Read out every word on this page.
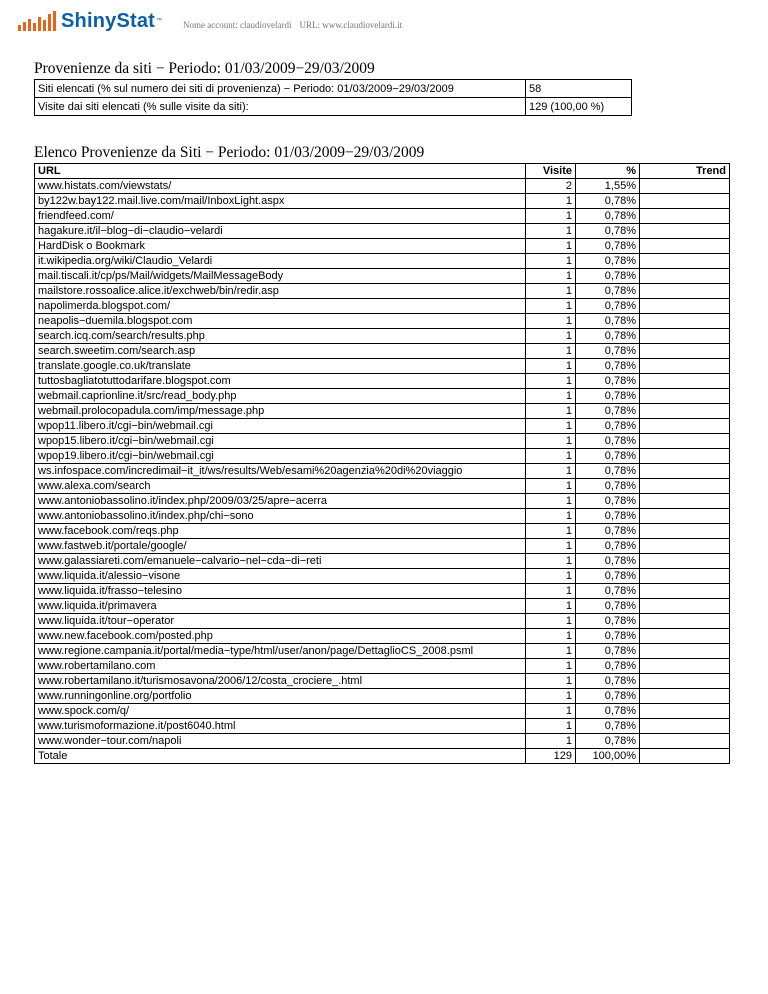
ShinyStat ™ Nome account: claudiovelardi URL: www.claudiovelardi.it
Provenienze da siti − Periodo: 01/03/2009−29/03/2009
Siti elencati (% sul numero dei siti di provenienza) − Periodo: 01/03/2009−29/03/2009	58
Visite dai siti elencati (% sulle visite da siti):	129 (100,00 %)
Elenco Provenienze da Siti − Periodo: 01/03/2009−29/03/2009
URL	Visite	%	Trend
www.histats.com/viewstats/	2	1,55%	
by122w.bay122.mail.live.com/mail/InboxLight.aspx	1	0,78%	
friendfeed.com/	1	0,78%	
hagakure.it/il−blog−di−claudio−velardi	1	0,78%	
HardDisk o Bookmark	1	0,78%	
it.wikipedia.org/wiki/Claudio_Velardi	1	0,78%	
mail.tiscali.it/cp/ps/Mail/widgets/MailMessageBody	1	0,78%	
mailstore.rossoalice.alice.it/exchweb/bin/redir.asp	1	0,78%	
napolimerda.blogspot.com/	1	0,78%	
neapolis−duemila.blogspot.com	1	0,78%	
search.icq.com/search/results.php	1	0,78%	
search.sweetim.com/search.asp	1	0,78%	
translate.google.co.uk/translate	1	0,78%	
tuttosbagliatotuttodarifare.blogspot.com	1	0,78%	
webmail.caprionline.it/src/read_body.php	1	0,78%	
webmail.prolocopadula.com/imp/message.php	1	0,78%	
wpop11.libero.it/cgi−bin/webmail.cgi	1	0,78%	
wpop15.libero.it/cgi−bin/webmail.cgi	1	0,78%	
wpop19.libero.it/cgi−bin/webmail.cgi	1	0,78%	
ws.infospace.com/incredimail−it_it/ws/results/Web/esami%20agenzia%20di%20viaggio	1	0,78%	
www.alexa.com/search	1	0,78%	
www.antoniobassolino.it/index.php/2009/03/25/apre−acerra	1	0,78%	
www.antoniobassolino.it/index.php/chi−sono	1	0,78%	
www.facebook.com/reqs.php	1	0,78%	
www.fastweb.it/portale/google/	1	0,78%	
www.galassiareti.com/emanuele−calvario−nel−cda−di−reti	1	0,78%	
www.liquida.it/alessio−visone	1	0,78%	
www.liquida.it/frasso−telesino	1	0,78%	
www.liquida.it/primavera	1	0,78%	
www.liquida.it/tour−operator	1	0,78%	
www.new.facebook.com/posted.php	1	0,78%	
www.regione.campania.it/portal/media−type/html/user/anon/page/DettaglioCS_2008.psml	1	0,78%	
www.robertamilano.com	1	0,78%	
www.robertamilano.it/turismosavona/2006/12/costa_crociere_.html	1	0,78%	
www.runningonline.org/portfolio	1	0,78%	
www.spock.com/q/	1	0,78%	
www.turismoformazione.it/post6040.html	1	0,78%	
www.wonder−tour.com/napoli	1	0,78%	
Totale	129	100,00%	
